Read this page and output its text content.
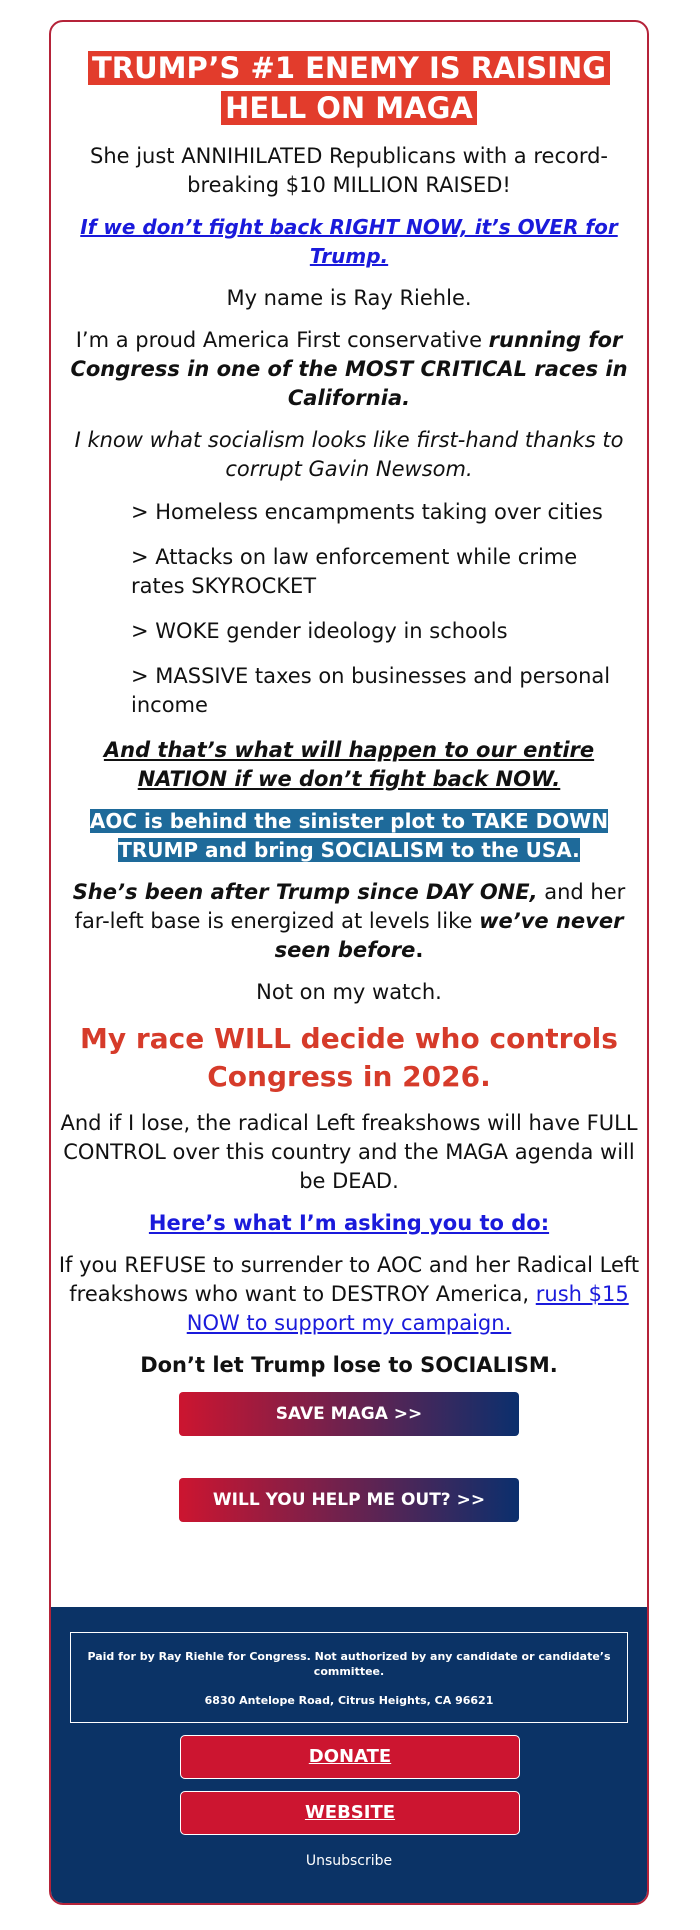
TRUMP’S #1 ENEMY IS RAISING
HELL ON MAGA

She just ANNIHILATED Republicans with a record-breaking $10 MILLION RAISED!

If we don’t fight back RIGHT NOW, it’s OVER for Trump.

My name is Ray Riehle.

I’m a proud America First conservative running for Congress in one of the MOST CRITICAL races in California.

I know what socialism looks like first-hand thanks to corrupt Gavin Newsom.

> Homeless encampments taking over cities

> Attacks on law enforcement while crime rates SKYROCKET

> WOKE gender ideology in schools

> MASSIVE taxes on businesses and personal income

And that’s what will happen to our entire NATION if we don’t fight back NOW.

AOC is behind the sinister plot to TAKE DOWN TRUMP and bring SOCIALISM to the USA.

She’s been after Trump since DAY ONE, and her far-left base is energized at levels like we’ve never seen before.

Not on my watch.

My race WILL decide who controls Congress in 2026.

And if I lose, the radical Left freakshows will have FULL CONTROL over this country and the MAGA agenda will be DEAD.

Here’s what I’m asking you to do:

If you REFUSE to surrender to AOC and her Radical Left freakshows who want to DESTROY America, rush $15 NOW to support my campaign.

Don’t let Trump lose to SOCIALISM.

SAVE MAGA >>
WILL YOU HELP ME OUT? >>
Paid for by Ray Riehle for Congress. Not authorized by any candidate or candidate’s committee.
6830 Antelope Road, Citrus Heights, CA 96621
DONATE
WEBSITE
Unsubscribe
